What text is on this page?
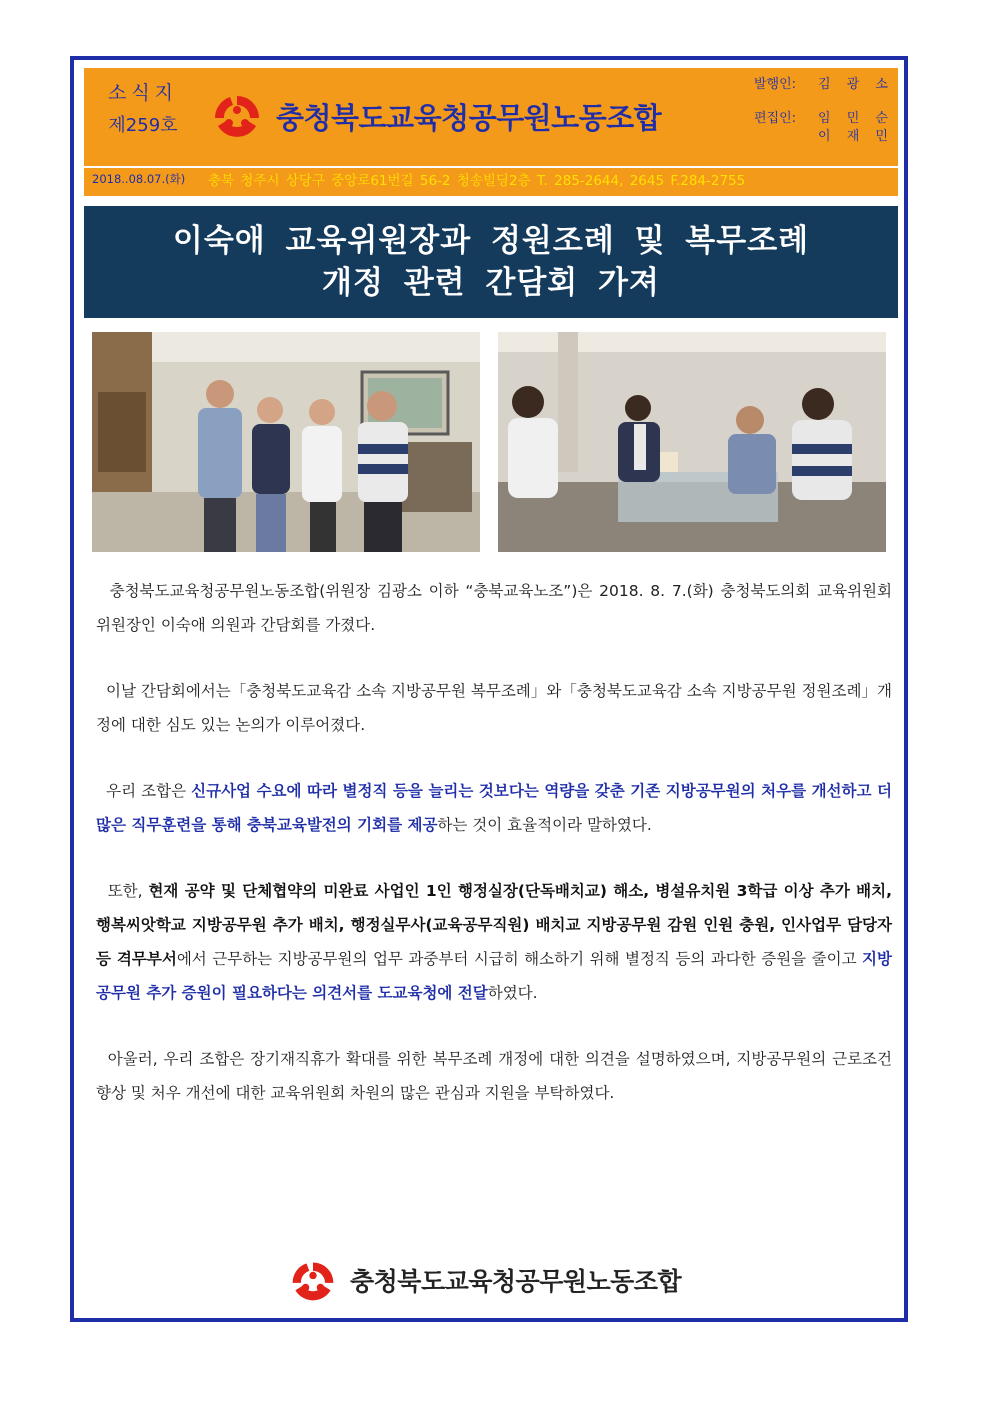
소식지
제259호	충청북도교육청공무원노동조합
발행인:	김 광 소
편집인:	임 민 순
이 재 민
2018..08.07.(화) 충북 청주시 상당구 중앙로61번길 56-2 청송빌딩2층 T. 285-2644, 2645 F.284-2755
이숙애 교육위원장과 정원조례 및 복무조례
개정 관련 간담회 가져

충청북도교육청공무원노동조합(위원장 김광소 이하 “충북교육노조”)은 2018. 8. 7.(화) 충청북도의회 교육위원회 위원장인 이숙애 의원과 간담회를 가졌다.

이날 간담회에서는「충청북도교육감 소속 지방공무원 복무조례」와「충청북도교육감 소속 지방공무원 정원조례」개정에 대한 심도 있는 논의가 이루어졌다.

우리 조합은 신규사업 수요에 따라 별정직 등을 늘리는 것보다는 역량을 갖춘 기존 지방공무원의 처우를 개선하고 더 많은 직무훈련을 통해 충북교육발전의 기회를 제공하는 것이 효율적이라 말하였다.

또한, 현재 공약 및 단체협약의 미완료 사업인 1인 행정실장(단독배치교) 해소, 병설유치원 3학급 이상 추가 배치, 행복씨앗학교 지방공무원 추가 배치, 행정실무사(교육공무직원) 배치교 지방공무원 감원 인원 충원, 인사업무 담당자 등 격무부서에서 근무하는 지방공무원의 업무 과중부터 시급히 해소하기 위해 별정직 등의 과다한 증원을 줄이고 지방공무원 추가 증원이 필요하다는 의견서를 도교육청에 전달하였다.

아울러, 우리 조합은 장기재직휴가 확대를 위한 복무조례 개정에 대한 의견을 설명하였으며, 지방공무원의 근로조건 향상 및 처우 개선에 대한 교육위원회 차원의 많은 관심과 지원을 부탁하였다.

충청북도교육청공무원노동조합
